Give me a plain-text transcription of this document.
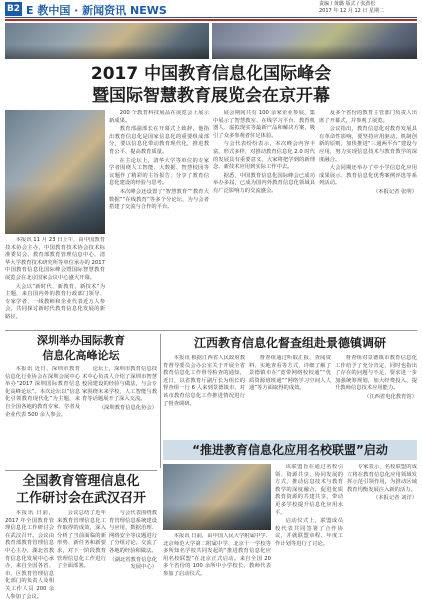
B2 E 教中国 · 新闻资讯 NEWS	责编 / 黄璐 版式 / 张劲松
2017 年 12 月 12 日 星期二
2017 中国教育信息化国际峰会
暨国际智慧教育展览会在京开幕

本报讯 11 月 23 日上午，由中国教育技术协会主办，中国教育技术协会技术标准委员会、教育部教育管理信息中心、清华大学教育技术研究所等单位承办的 2017 中国教育信息化国际峰会暨国际智慧教育展览会在北京国家会议中心盛大开幕。

大会以“新时代、新教育、新技术”为主题，来自国内外的教育行政部门领导、专家学者、一线教师和企业代表近万人参会，共同探讨新时代教育信息化发展的新路径。

200 个教育科技展品在展览会上展示新成果。

教育部副部长在开幕式上致辞，他指出教育信息化是国家信息化的重要组成部分，要以信息化带动教育现代化，推进教育公平、提高教育质量。

在主论坛上，清华大学等单位的专家学者围绕人工智能、大数据、智慧校园等议题作了精彩的主旨报告，分享了教育信息化建设的经验与思考。

本次峰会还设置了“智慧教育”“教育大数据”“在线教育”等多个分论坛，为与会者搭建了交流与合作的平台。

展会期间共有 100 余家企业参展，集中展示了智慧教室、在线学习平台、教育机器人、虚拟现实等最新产品和解决方案，吸引了众多参观者驻足体验。

与会代表纷纷表示，本次峰会内容丰富、形式多样，对推动教育信息化 2.0 时代的发展具有重要意义，大家将把学到的新理念、新技术应用到实际工作中去。

据悉，中国教育信息化国际峰会已成功举办多届，已成为国内外教育信息化领域具有广泛影响力的交流盛会。

及多个省份的教育主管部门负责人出席了开幕式，并参观了展览。

会议指出，教育信息化对教育发展具有革命性影响，要坚持应用驱动、机制创新的原则，加快推进“三通两平台”建设与应用，努力实现信息技术与教育教学的深度融合。

大会同期还举办了中小学信息化应用成果展示、教育信息化优秀案例评选等系列活动。

（本报记者 张明）

深圳举办国际教育
信息化高峰论坛

本报讯 近日，深圳市教育信息化行业协会在深圳会展中心举办“2017 深圳国际教育信息化高峰论坛”。本次论坛以“信息化引领教育现代化”为主题，来自全国各地的教育专家、学者及企业代表 500 余人参会。

论坛上，深圳市教育信息技术中心负责人介绍了深圳市智慧校园建设的经验与做法，与会专家围绕未来学校、人工智能与教育等话题展开了深入交流。

（深圳教育信息化协会）

江西教育信息化督查组赴景德镇调研

本报讯 根据江西省人民政府教育督导委员会办公室关于开展全省教育信息化工作督导检查的通知，近日，以省教育厅副厅长为组长的督查组一行 6 人来到景德镇市，对该市教育信息化工作推进情况进行了督查调研。

督查组通过听取汇报、查阅资料、实地查看等方式，详细了解了景德镇市在“宽带网络校校通”“优质资源班班通”“网络学习空间人人通”等方面取得的成效。

督查组对景德镇市教育信息化工作给予了充分肯定，同时也指出了存在的问题与不足，要求进一步加强统筹规划，加大经费投入，提升教师信息技术应用能力。

（江西省电化教育馆）

“推进教育信息化应用名校联盟”启动
全国教育管理信息化
工作研讨会在武汉召开

本报讯 日前，2017 年全国教育管理信息化工作研讨会在武汉召开。会议由教育部教育管理信息中心主办，湖北省教育信息化发展中心承办，来自全国各省、市、区教育管理信息化部门的负责人及相关工作人员 200 余人参加了会议。

会议总结了近年来教育管理信息化工作取得的成效，深入分析了当前面临的新形势、新任务和新要求，对下一阶段教育管理信息化工作进行了全面部署。

与会代表围绕教育管理信息系统建设与应用、数据治理、网络安全等议题进行了分组讨论，交流了各地的经验和做法。

（湖北省教育信息化发展中心）

本报讯 日前，由中国人民大学附属中学、北京师范大学第二附属中学、北京十一学校等多所知名学校共同发起的“推进教育信息化应用名校联盟”在北京正式启动。来自全国 20 多个省份的 100 余所中小学校长、教师代表参加了启动仪式。

该联盟旨在通过名校引领、资源共享、协同发展的方式，推动信息技术与教育教学的深度融合，促进优质教育资源的共建共享，带动更多学校提升信息化应用水平。

启动仪式上，联盟成员校代表共同签署了合作协议，并就联盟章程、年度工作计划等进行了讨论。

专家表示，名校联盟的成立将在教育信息化应用领域发挥示范引领作用，为推动区域教育均衡发展注入新的活力。

（本报记者 刘洋）
